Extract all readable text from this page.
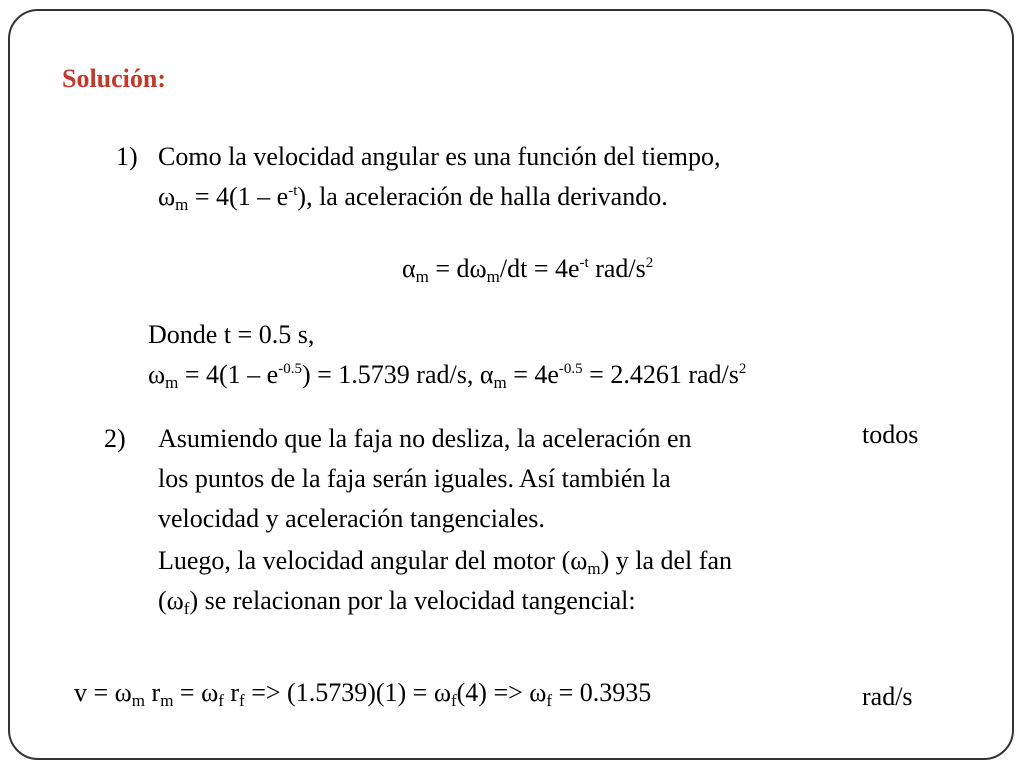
Solución:
1) Como la velocidad angular es una función del tiempo,
$\omega_m = 4(1 - e^{-t})$, la aceleración de halla derivando.
$\alpha_m = d\omega_m/dt = 4e^{-t}$ rad/$s^2$
Donde t = 0.5 s,
$\omega_m = 4(1 - e^{-0.5}) = 1.5739$ rad/s, $\alpha_m = 4e^{-0.5} = 2.4261$ rad/$s^2$
2) Asumiendo que la faja no desliza, la aceleración en	todos
los puntos de la faja serán iguales. Así también la
velocidad y aceleración tangenciales.
Luego, la velocidad angular del motor $(\omega_m)$ y la del fan
$(\omega_f)$ se relacionan por la velocidad tangencial:
$v = \omega_m$ $r_m = \omega_f$ $r_f => (1.5739)(1) = \omega_f(4) => \omega_f = 0.3935$	rad/s
